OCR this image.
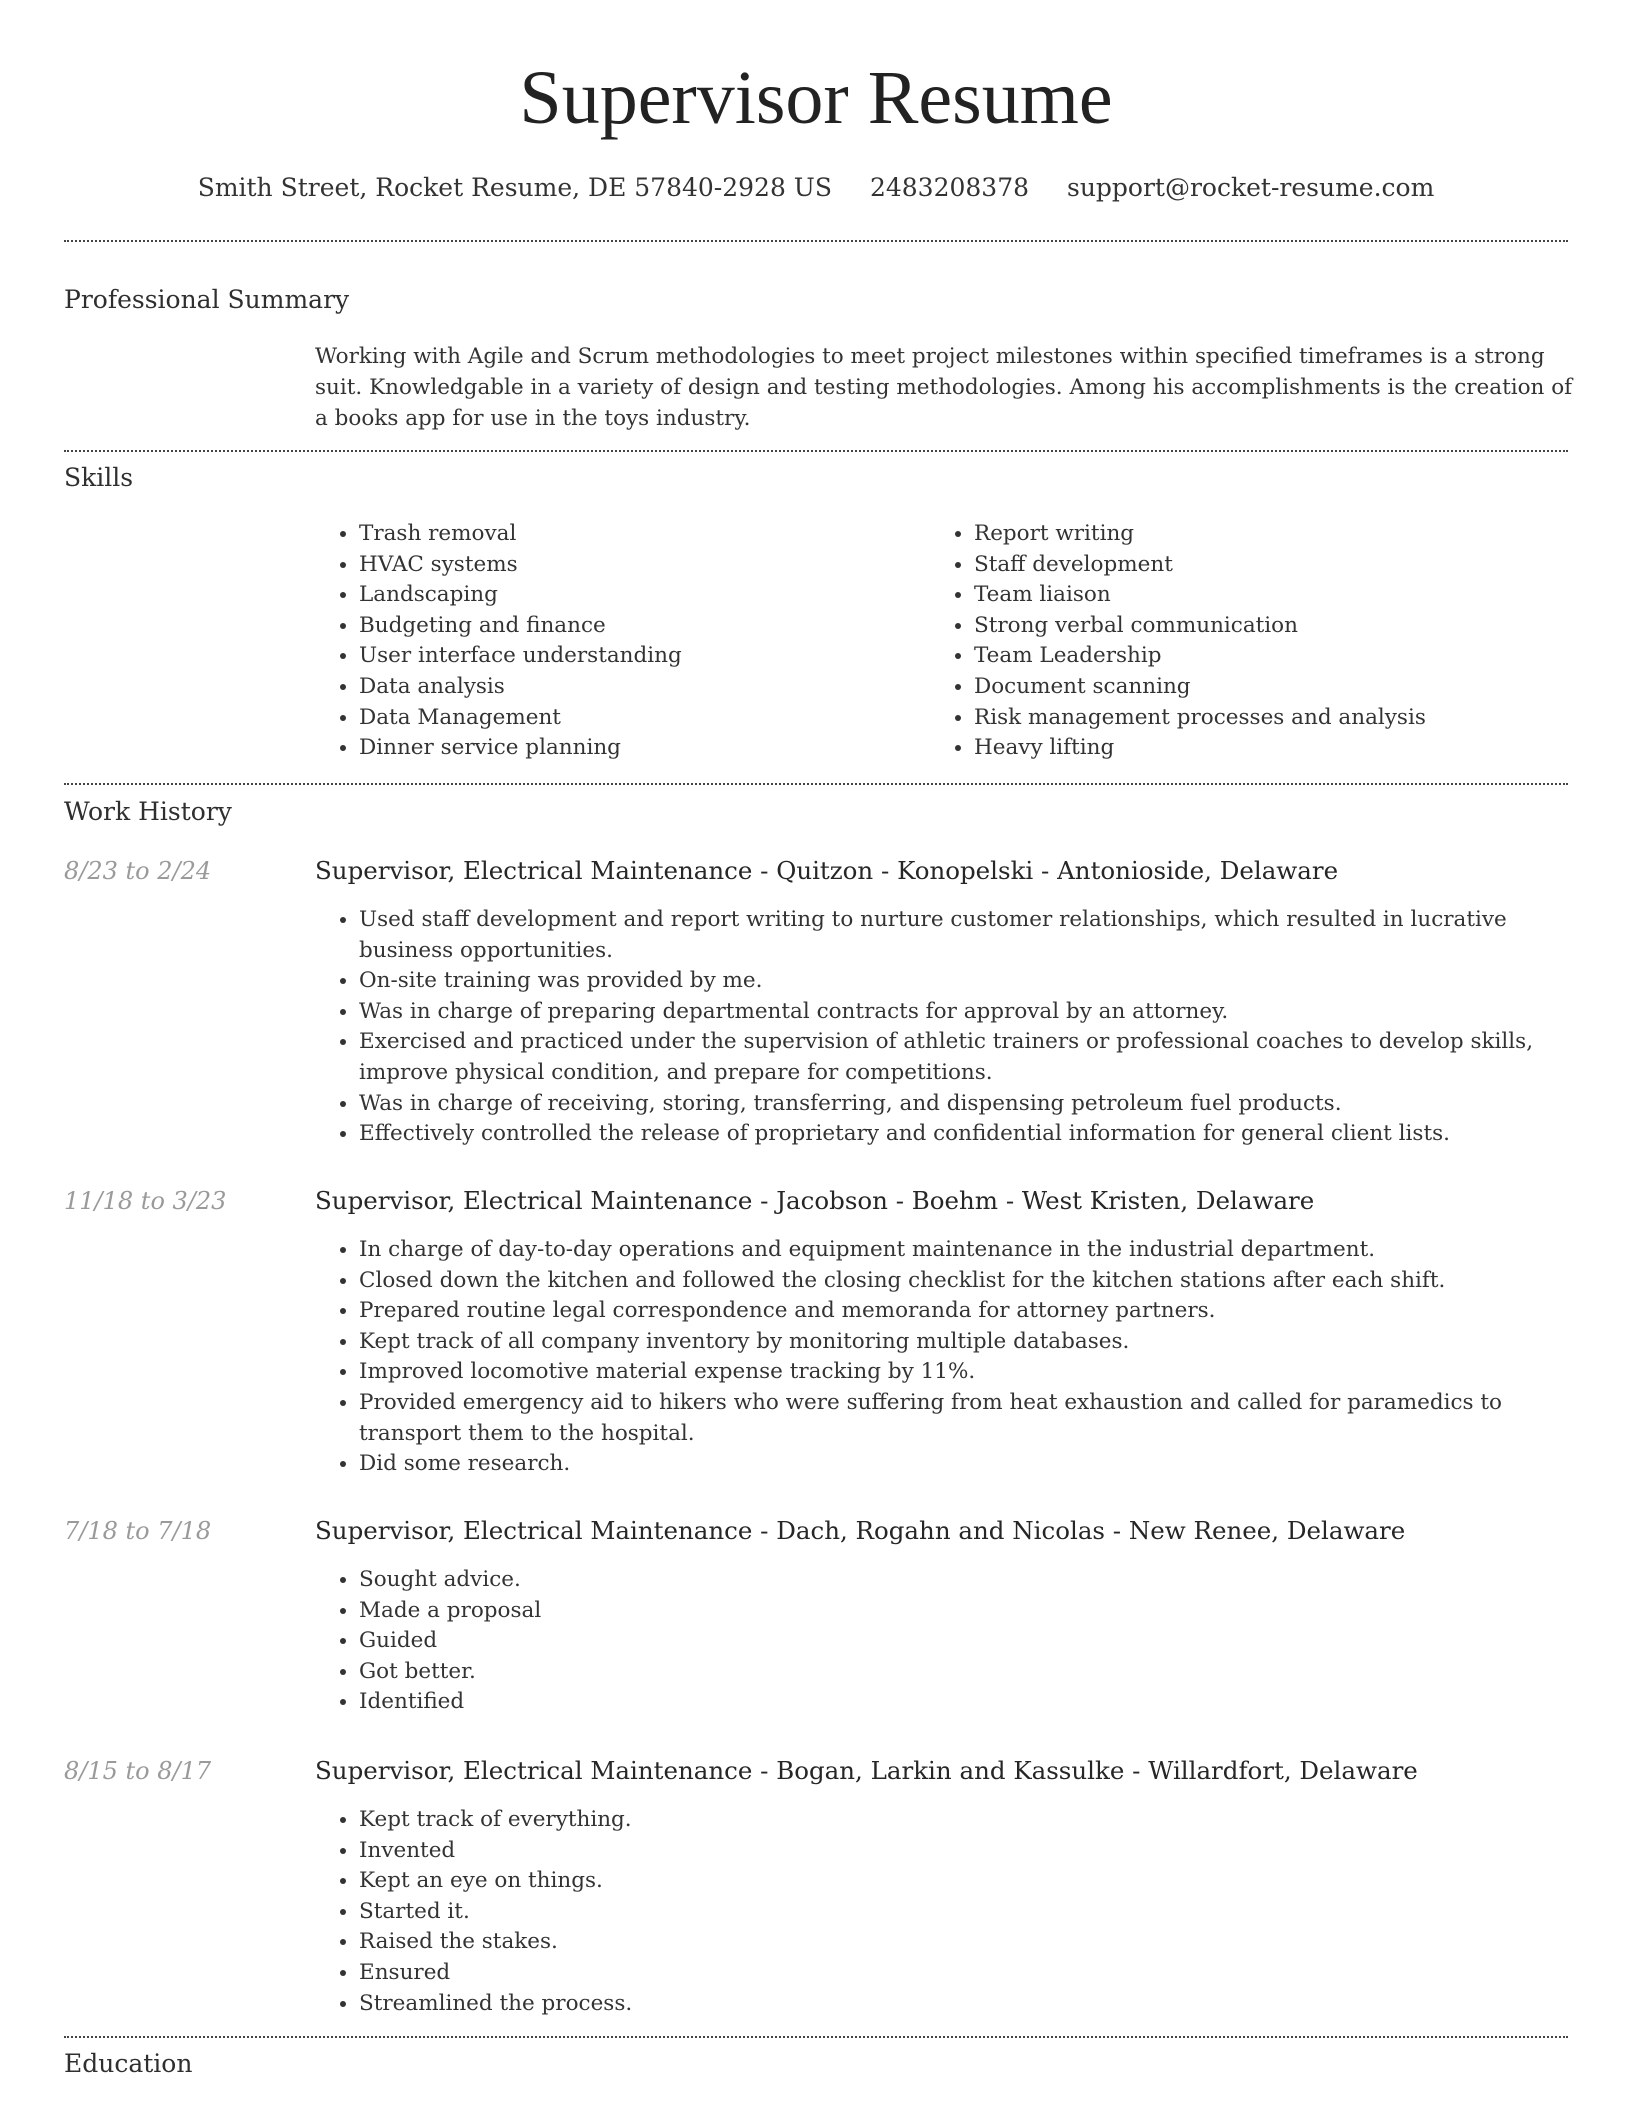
Supervisor Resume
Smith Street, Rocket Resume, DE 57840-2928 US 2483208378 support@rocket-resume.com
Professional Summary
Working with Agile and Scrum methodologies to meet project milestones within specified timeframes is a strong suit. Knowledgable in a variety of design and testing methodologies. Among his accomplishments is the creation of a books app for use in the toys industry.
Skills
• Trash removal
• HVAC systems
• Landscaping
• Budgeting and finance
• User interface understanding
• Data analysis
• Data Management
• Dinner service planning
• Report writing
• Staff development
• Team liaison
• Strong verbal communication
• Team Leadership
• Document scanning
• Risk management processes and analysis
• Heavy lifting
Work History
8/23 to 2/24	Supervisor, Electrical Maintenance - Quitzon - Konopelski - Antonioside, Delaware
• Used staff development and report writing to nurture customer relationships, which resulted in lucrative business opportunities.
• On-site training was provided by me.
• Was in charge of preparing departmental contracts for approval by an attorney.
• Exercised and practiced under the supervision of athletic trainers or professional coaches to develop skills, improve physical condition, and prepare for competitions.
• Was in charge of receiving, storing, transferring, and dispensing petroleum fuel products.
• Effectively controlled the release of proprietary and confidential information for general client lists.
11/18 to 3/23	Supervisor, Electrical Maintenance - Jacobson - Boehm - West Kristen, Delaware
• In charge of day-to-day operations and equipment maintenance in the industrial department.
• Closed down the kitchen and followed the closing checklist for the kitchen stations after each shift.
• Prepared routine legal correspondence and memoranda for attorney partners.
• Kept track of all company inventory by monitoring multiple databases.
• Improved locomotive material expense tracking by 11%.
• Provided emergency aid to hikers who were suffering from heat exhaustion and called for paramedics to transport them to the hospital.
• Did some research.
7/18 to 7/18	Supervisor, Electrical Maintenance - Dach, Rogahn and Nicolas - New Renee, Delaware
• Sought advice.
• Made a proposal
• Guided
• Got better.
• Identified
8/15 to 8/17	Supervisor, Electrical Maintenance - Bogan, Larkin and Kassulke - Willardfort, Delaware
• Kept track of everything.
• Invented
• Kept an eye on things.
• Started it.
• Raised the stakes.
• Ensured
• Streamlined the process.
Education
